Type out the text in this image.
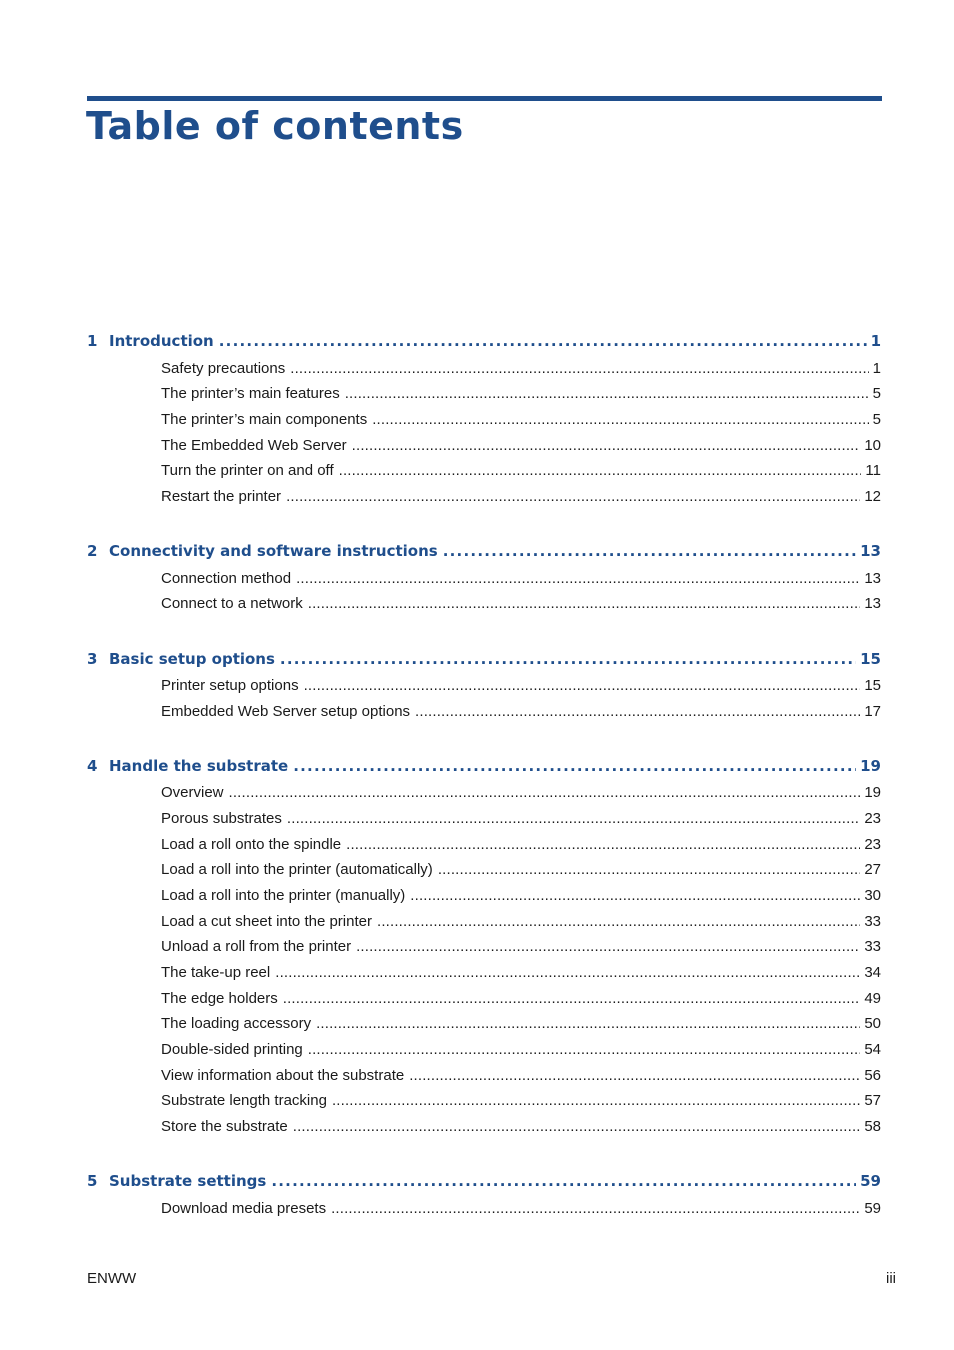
Table of contents
1 Introduction . . .	1
Safety precautions . . .	1
The printer’s main features . . .	5
The printer’s main components . . .	5
The Embedded Web Server . . .	10
Turn the printer on and off . . .	11
Restart the printer . . .	12
2 Connectivity and software instructions . . .	13
Connection method . . .	13
Connect to a network . . .	13
3 Basic setup options . . .	15
Printer setup options . . .	15
Embedded Web Server setup options . . .	17
4 Handle the substrate . . .	19
Overview . . .	19
Porous substrates . . .	23
Load a roll onto the spindle . . .	23
Load a roll into the printer (automatically) . . .	27
Load a roll into the printer (manually) . . .	30
Load a cut sheet into the printer . . .	33
Unload a roll from the printer . . .	33
The take-up reel . . .	34
The edge holders . . .	49
The loading accessory . . .	50
Double-sided printing . . .	54
View information about the substrate . . .	56
Substrate length tracking . . .	57
Store the substrate . . .	58
5 Substrate settings . . .	59
Download media presets . . .	59
ENWW	iii
